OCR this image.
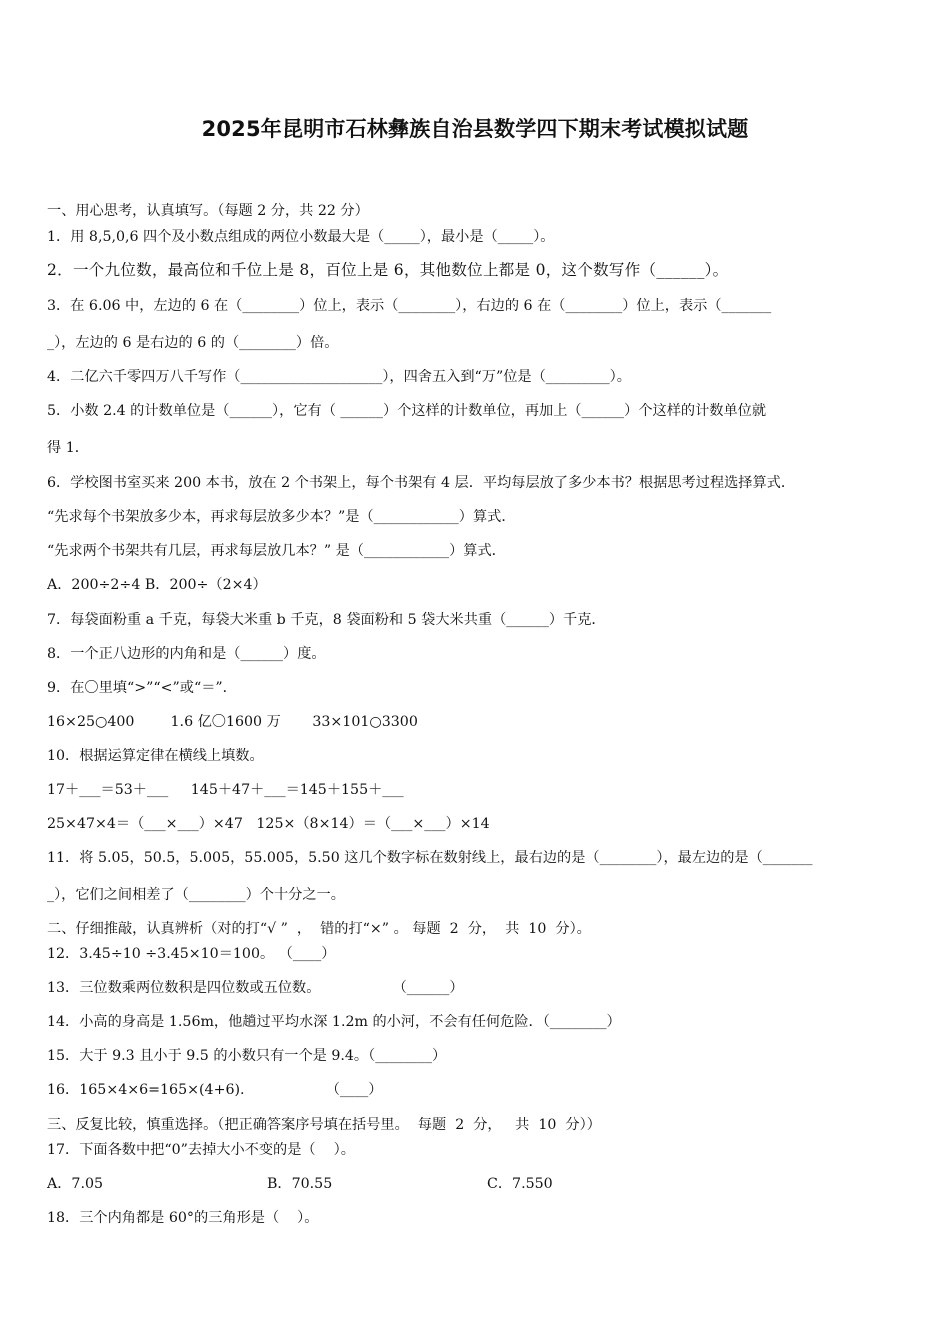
2025年昆明市石林彝族自治县数学四下期末考试模拟试题
一、用心思考，认真填写。（每题 2 分，共 22 分）
1．用 8,5,0,6 四个及小数点组成的两位小数最大是（_____），最小是（_____）。
2．一个九位数，最高位和千位上是 8，百位上是 6，其他数位上都是 0，这个数写作（______）。
3．在 6.06 中，左边的 6 在（________）位上，表示（________），右边的 6 在（________）位上，表示（_______
_），左边的 6 是右边的 6 的（________）倍。
4．二亿六千零四万八千写作（____________________），四舍五入到“万”位是（_________）。
5．小数 2.4 的计数单位是（______），它有（ ______）个这样的计数单位，再加上（______）个这样的计数单位就
得 1．
6．学校图书室买来 200 本书，放在 2 个书架上，每个书架有 4 层．平均每层放了多少本书？根据思考过程选择算式．
“先求每个书架放多少本，再求每层放多少本？”是（____________）算式．
“先求两个书架共有几层，再求每层放几本？” 是（____________）算式．
A．200÷2÷4 B．200÷（2×4）
7．每袋面粉重 a 千克，每袋大米重 b 千克，8 袋面粉和 5 袋大米共重（______）千克．
8．一个正八边形的内角和是（______）度。
9．在〇里填“>”“<”或“＝”．
16×25○400        1.6 亿〇1600 万       33×101○3300
10．根据运算定律在横线上填数。
17＋___＝53＋___     145＋47＋___＝145＋155＋___
25×47×4＝（___×___）×47   125×（8×14）＝（___×___）×14
11．将 5.05，50.5，5.005，55.005，5.50 这几个数字标在数射线上，最右边的是（________），最左边的是（_______
_），它们之间相差了（________）个十分之一。
二、仔细推敲，认真辨析（对的打“√ ”  ，  错的打“×” 。 每题  2  分，  共  10  分）。
12．3.45÷10 ÷3.45×10＝100。 （____）
13．三位数乘两位数积是四位数或五位数。                （______）
14．小高的身高是 1.56m，他趟过平均水深 1.2m 的小河，不会有任何危险．（________）
15．大于 9.3 且小于 9.5 的小数只有一个是 9.4。（________）
16．165×4×6=165×(4+6).                  （____）
三、反复比较，慎重选择。（把正确答案序号填在括号里。  每题  2  分，   共  10  分））
17．下面各数中把“0”去掉大小不变的是（    ）。
A．7.05	B．70.55	C．7.550
18．三个内角都是 60°的三角形是（    ）。
